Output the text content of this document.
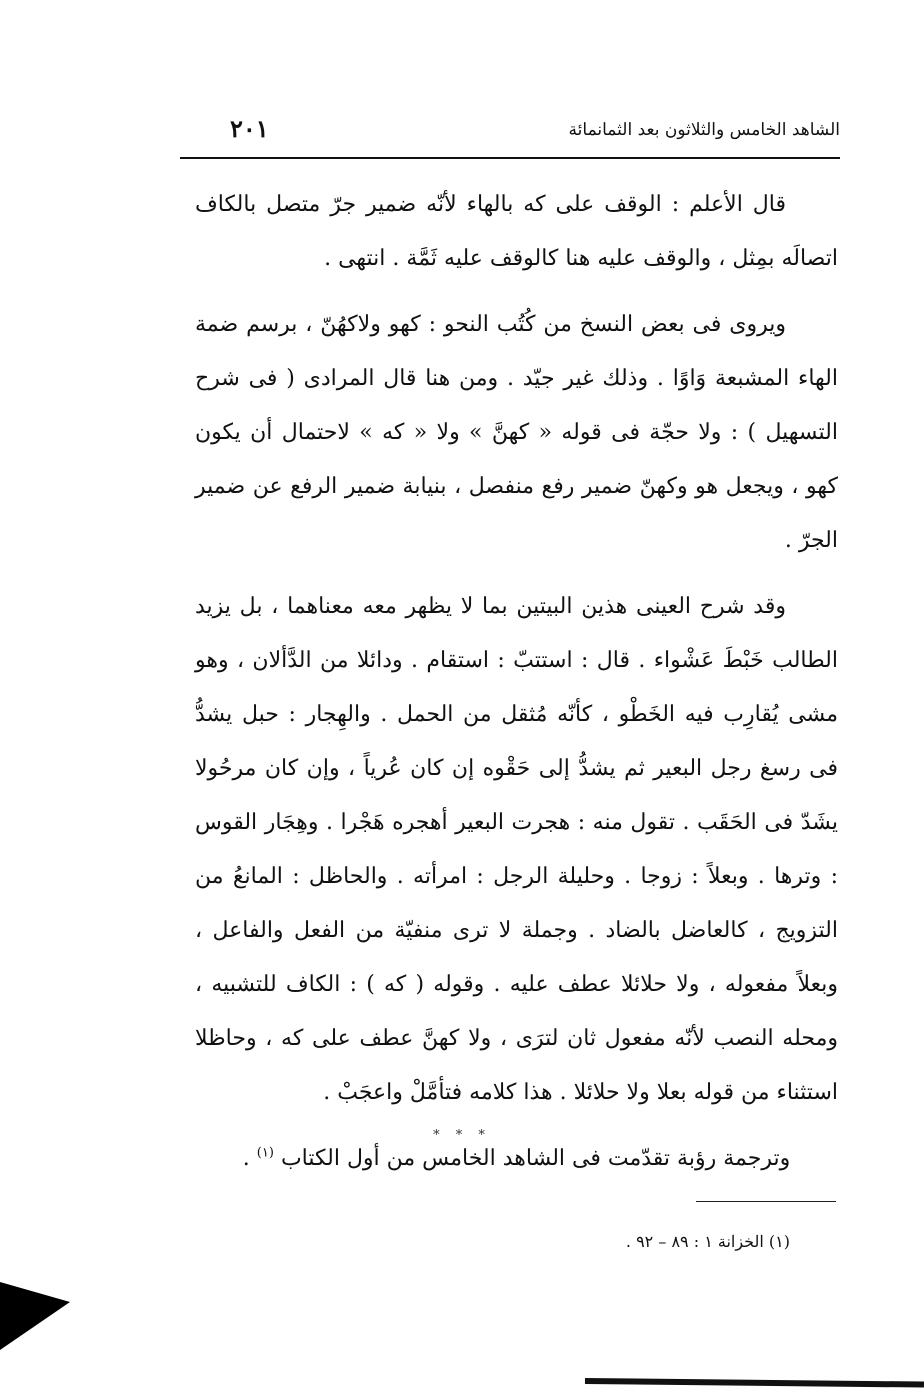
الشاهد الخامس والثلاثون بعد الثمانمائة
٢٠١

قال الأعلم : الوقف على كه بالهاء لأنّه ضمير جرّ متصل بالكاف اتصالَه بمِثل ، والوقف عليه هنا كالوقف عليه ثَمَّة . انتهى .

ويروى فى بعض النسخ من كُتُب النحو : كهو ولاكهُنّ ، برسم ضمة الهاء المشبعة وَاوًا . وذلك غير جيّد . ومن هنا قال المرادى ( فى شرح التسهيل ) : ولا حجّة فى قوله « كهنَّ » ولا « كه » لاحتمال أن يكون كهو ، ويجعل هو وكهنّ ضمير رفع منفصل ، بنيابة ضمير الرفع عن ضمير الجرّ .

وقد شرح العينى هذين البيتين بما لا يظهر معه معناهما ، بل يزيد الطالب خَبْطَ عَشْواء . قال : استتبّ : استقام . ودائلا من الدَّألان ، وهو مشى يُقارِب فيه الخَطْو ، كأنّه مُثقل من الحمل . والهِجار : حبل يشدُّ فى رسغ رجل البعير ثم يشدُّ إلى حَقْوه إن كان عُرياً ، وإن كان مرحُولا يشَدّ فى الحَقَب . تقول منه : هجرت البعير أهجره هَجْرا . وهِجَار القوس : وترها . وبعلاً : زوجا . وحليلة الرجل : امرأته . والحاظل : المانعُ من التزويج ، كالعاضل بالضاد . وجملة لا ترى منفيّة من الفعل والفاعل ، وبعلاً مفعوله ، ولا حلائلا عطف عليه . وقوله ( كه ) : الكاف للتشبيه ، ومحله النصب لأنّه مفعول ثان لترَى ، ولا كهنَّ عطف على كه ، وحاظلا استثناء من قوله بعلا ولا حلائلا . هذا كلامه فتأمَّلْ واعجَبْ .

وترجمة رؤبة تقدّمت فى الشاهد الخامس من أول الكتاب $^{(١)}$ .

* * *
(١) الخزانة ١ : ٨٩ – ٩٢ .
